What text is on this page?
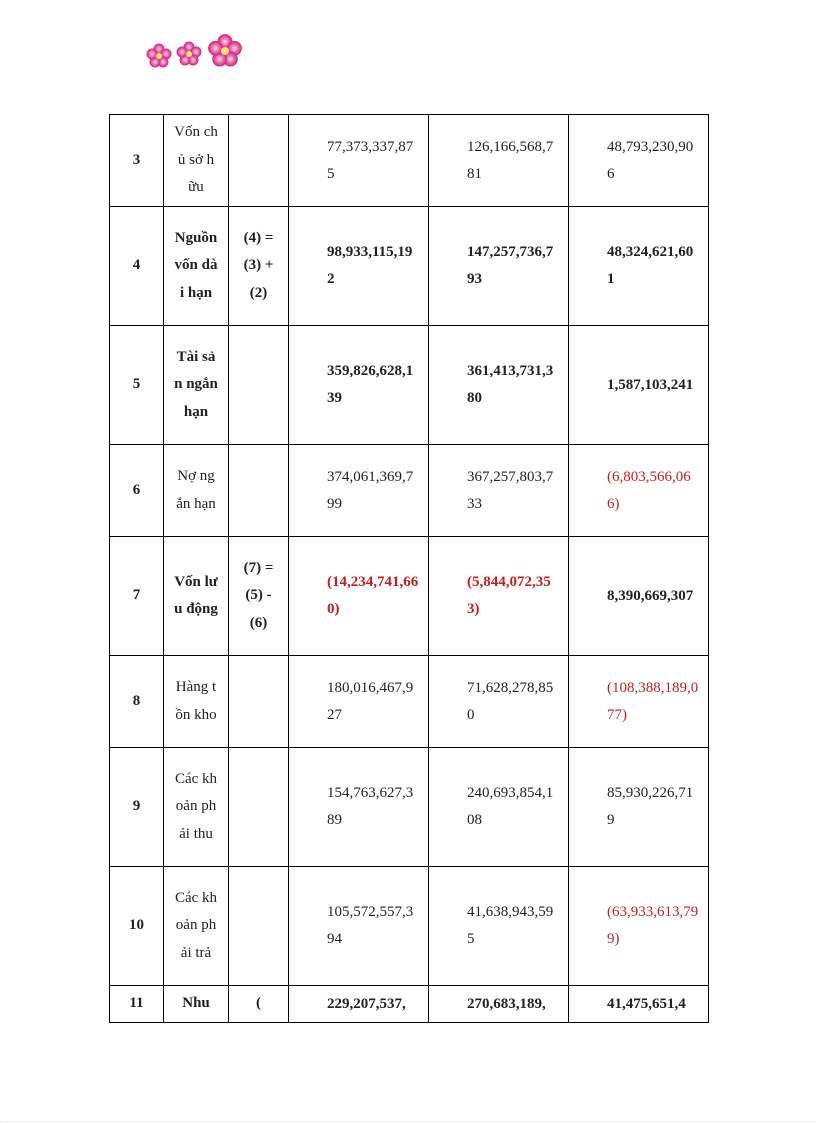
3	Vốn chủ sở hữu		77,373,337,875	126,166,568,781	48,793,230,906

4	Nguồn vốn dài hạn	(4) = (3) + (2)	98,933,115,192	147,257,736,793	48,324,621,601

5	Tài sản ngắn hạn		359,826,628,139	361,413,731,380	1,587,103,241

6	Nợ ngắn hạn		374,061,369,799	367,257,803,733	(6,803,566,066)

7	Vốn lưu động	(7) = (5) - (6)	(14,234,741,660)	(5,844,072,353)	8,390,669,307

8	Hàng tồn kho		180,016,467,927	71,628,278,850	(108,388,189,077)

9	Các khoản phải thu		154,763,627,389	240,693,854,108	85,930,226,719

10	Các khoản phải trả		105,572,557,394	41,638,943,595	(63,933,613,799)

11	Nhu	(	229,207,537,	270,683,189,	41,475,651,4
